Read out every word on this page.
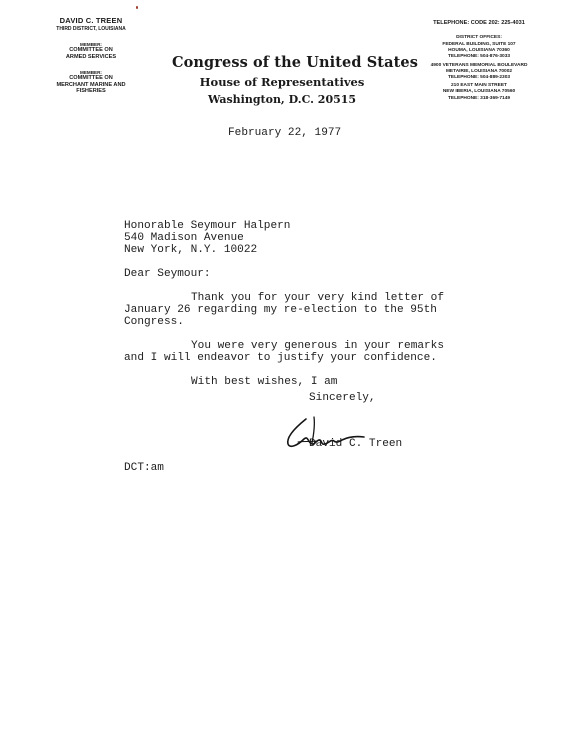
DAVID C. TREEN
THIRD DISTRICT, LOUISIANA
MEMBER:
COMMITTEE ON
ARMED SERVICES
MEMBER:
COMMITTEE ON
MERCHANT MARINE AND
FISHERIES
Congress of the United States
House of Representatives
Washington, D.C. 20515
TELEPHONE: CODE 202: 225-4031
DISTRICT OFFICES:
FEDERAL BUILDING, SUITE 107
HOUMA, LOUISIANA 70360
TELEPHONE: 504-876-3033
4900 VETERANS MEMORIAL BOULEVARD
METAIRIE, LOUISIANA 70002
TELEPHONE: 504-889-2303
210 EAST MAIN STREET
NEW IBERIA, LOUISIANA 70560
TELEPHONE: 318-369-7149
February 22, 1977
Honorable Seymour Halpern
540 Madison Avenue
New York, N.Y. 10022
Dear Seymour:
Thank you for your very kind letter of
January 26 regarding my re-election to the 95th
Congress.
You were very generous in your remarks
and I will endeavor to justify your confidence.
With best wishes, I am
Sincerely,
David C. Treen
DCT:am
